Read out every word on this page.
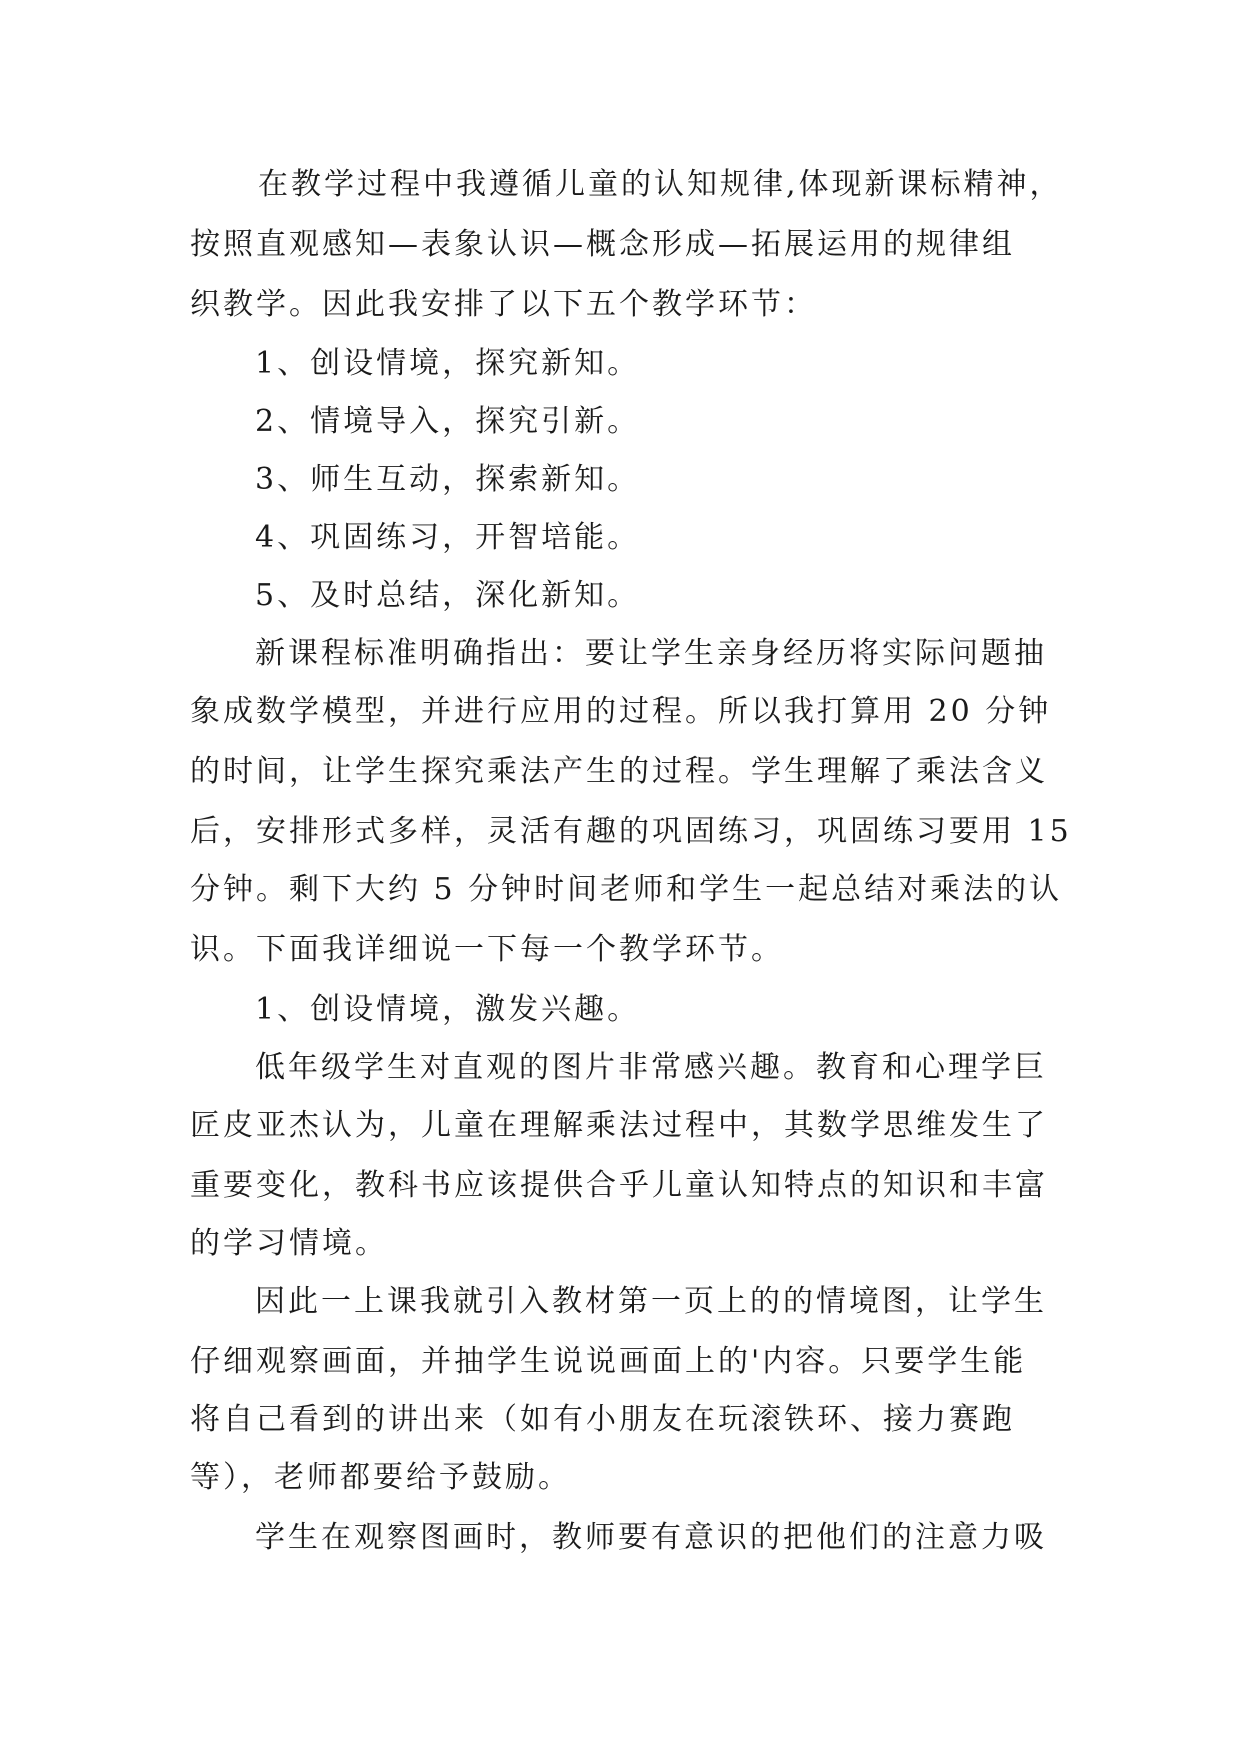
在教学过程中我遵循儿童的认知规律,体现新课标精神，
按照直观感知—表象认识—概念形成—拓展运用的规律组
织教学。因此我安排了以下五个教学环节：
1、创设情境，探究新知。
2、情境导入，探究引新。
3、师生互动，探索新知。
4、巩固练习，开智培能。
5、及时总结，深化新知。
新课程标准明确指出：要让学生亲身经历将实际问题抽
象成数学模型，并进行应用的过程。所以我打算用 20 分钟
的时间，让学生探究乘法产生的过程。学生理解了乘法含义
后，安排形式多样，灵活有趣的巩固练习，巩固练习要用 15
分钟。剩下大约 5 分钟时间老师和学生一起总结对乘法的认
识。下面我详细说一下每一个教学环节。
1、创设情境，激发兴趣。
低年级学生对直观的图片非常感兴趣。教育和心理学巨
匠皮亚杰认为，儿童在理解乘法过程中，其数学思维发生了
重要变化，教科书应该提供合乎儿童认知特点的知识和丰富
的学习情境。
因此一上课我就引入教材第一页上的的情境图，让学生
仔细观察画面，并抽学生说说画面上的'内容。只要学生能
将自己看到的讲出来（如有小朋友在玩滚铁环、接力赛跑
等），老师都要给予鼓励。
学生在观察图画时，教师要有意识的把他们的注意力吸
